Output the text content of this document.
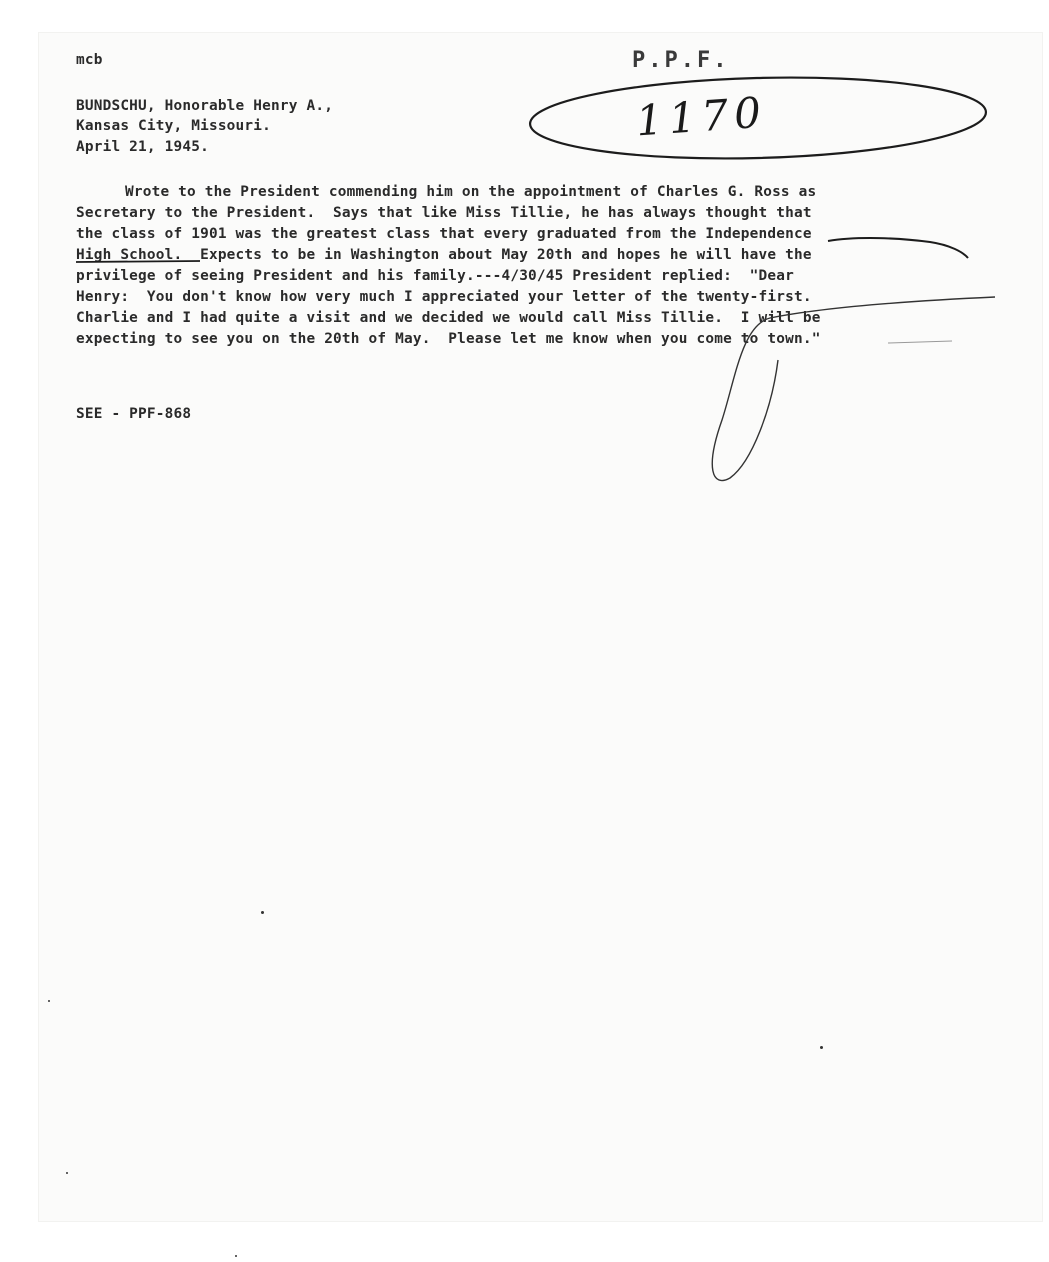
mcb	P.P.F.
1170
BUNDSCHU, Honorable Henry A.,
Kansas City, Missouri.
April 21, 1945.
Wrote to the President commending him on the appointment of Charles G. Ross as
Secretary to the President.  Says that like Miss Tillie, he has always thought that
the class of 1901 was the greatest class that every graduated from the Independence
High School.  Expects to be in Washington about May 20th and hopes he will have the
privilege of seeing President and his family.---4/30/45 President replied:  "Dear
Henry:  You don't know how very much I appreciated your letter of the twenty-first.
Charlie and I had quite a visit and we decided we would call Miss Tillie.  I will be
expecting to see you on the 20th of May.  Please let me know when you come to town."
SEE - PPF-868
